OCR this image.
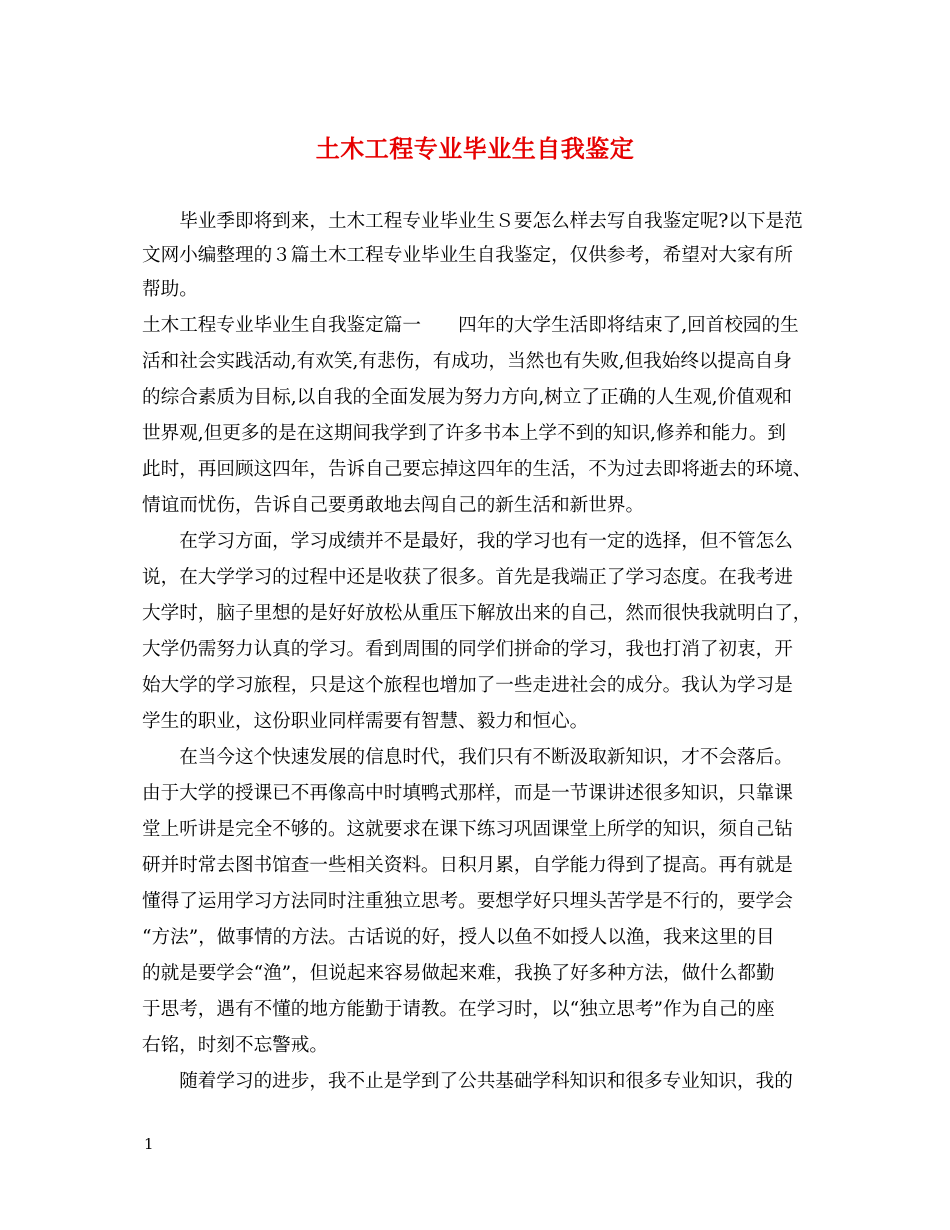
土木工程专业毕业生自我鉴定
　　毕业季即将到来，土木工程专业毕业生Ｓ要怎么样去写自我鉴定呢?以下是范
文网小编整理的３篇土木工程专业毕业生自我鉴定，仅供参考，希望对大家有所
帮助。
土木工程专业毕业生自我鉴定篇一　　四年的大学生活即将结束了,回首校园的生
活和社会实践活动,有欢笑,有悲伤，有成功，当然也有失败,但我始终以提高自身
的综合素质为目标,以自我的全面发展为努力方向,树立了正确的人生观,价值观和
世界观,但更多的是在这期间我学到了许多书本上学不到的知识,修养和能力。到
此时，再回顾这四年，告诉自己要忘掉这四年的生活，不为过去即将逝去的环境、
情谊而忧伤，告诉自己要勇敢地去闯自己的新生活和新世界。
　　在学习方面，学习成绩并不是最好，我的学习也有一定的选择，但不管怎么
说，在大学学习的过程中还是收获了很多。首先是我端正了学习态度。在我考进
大学时，脑子里想的是好好放松从重压下解放出来的自己，然而很快我就明白了，
大学仍需努力认真的学习。看到周围的同学们拼命的学习，我也打消了初衷，开
始大学的学习旅程，只是这个旅程也增加了一些走进社会的成分。我认为学习是
学生的职业，这份职业同样需要有智慧、毅力和恒心。
　　在当今这个快速发展的信息时代，我们只有不断汲取新知识，才不会落后。
由于大学的授课已不再像高中时填鸭式那样，而是一节课讲述很多知识，只靠课
堂上听讲是完全不够的。这就要求在课下练习巩固课堂上所学的知识，须自己钻
研并时常去图书馆查一些相关资料。日积月累，自学能力得到了提高。再有就是
懂得了运用学习方法同时注重独立思考。要想学好只埋头苦学是不行的，要学会
“方法”，做事情的方法。古话说的好，授人以鱼不如授人以渔，我来这里的目
的就是要学会“渔”，但说起来容易做起来难，我换了好多种方法，做什么都勤
于思考，遇有不懂的地方能勤于请教。在学习时，以“独立思考”作为自己的座
右铭，时刻不忘警戒。
　　随着学习的进步，我不止是学到了公共基础学科知识和很多专业知识，我的
1
